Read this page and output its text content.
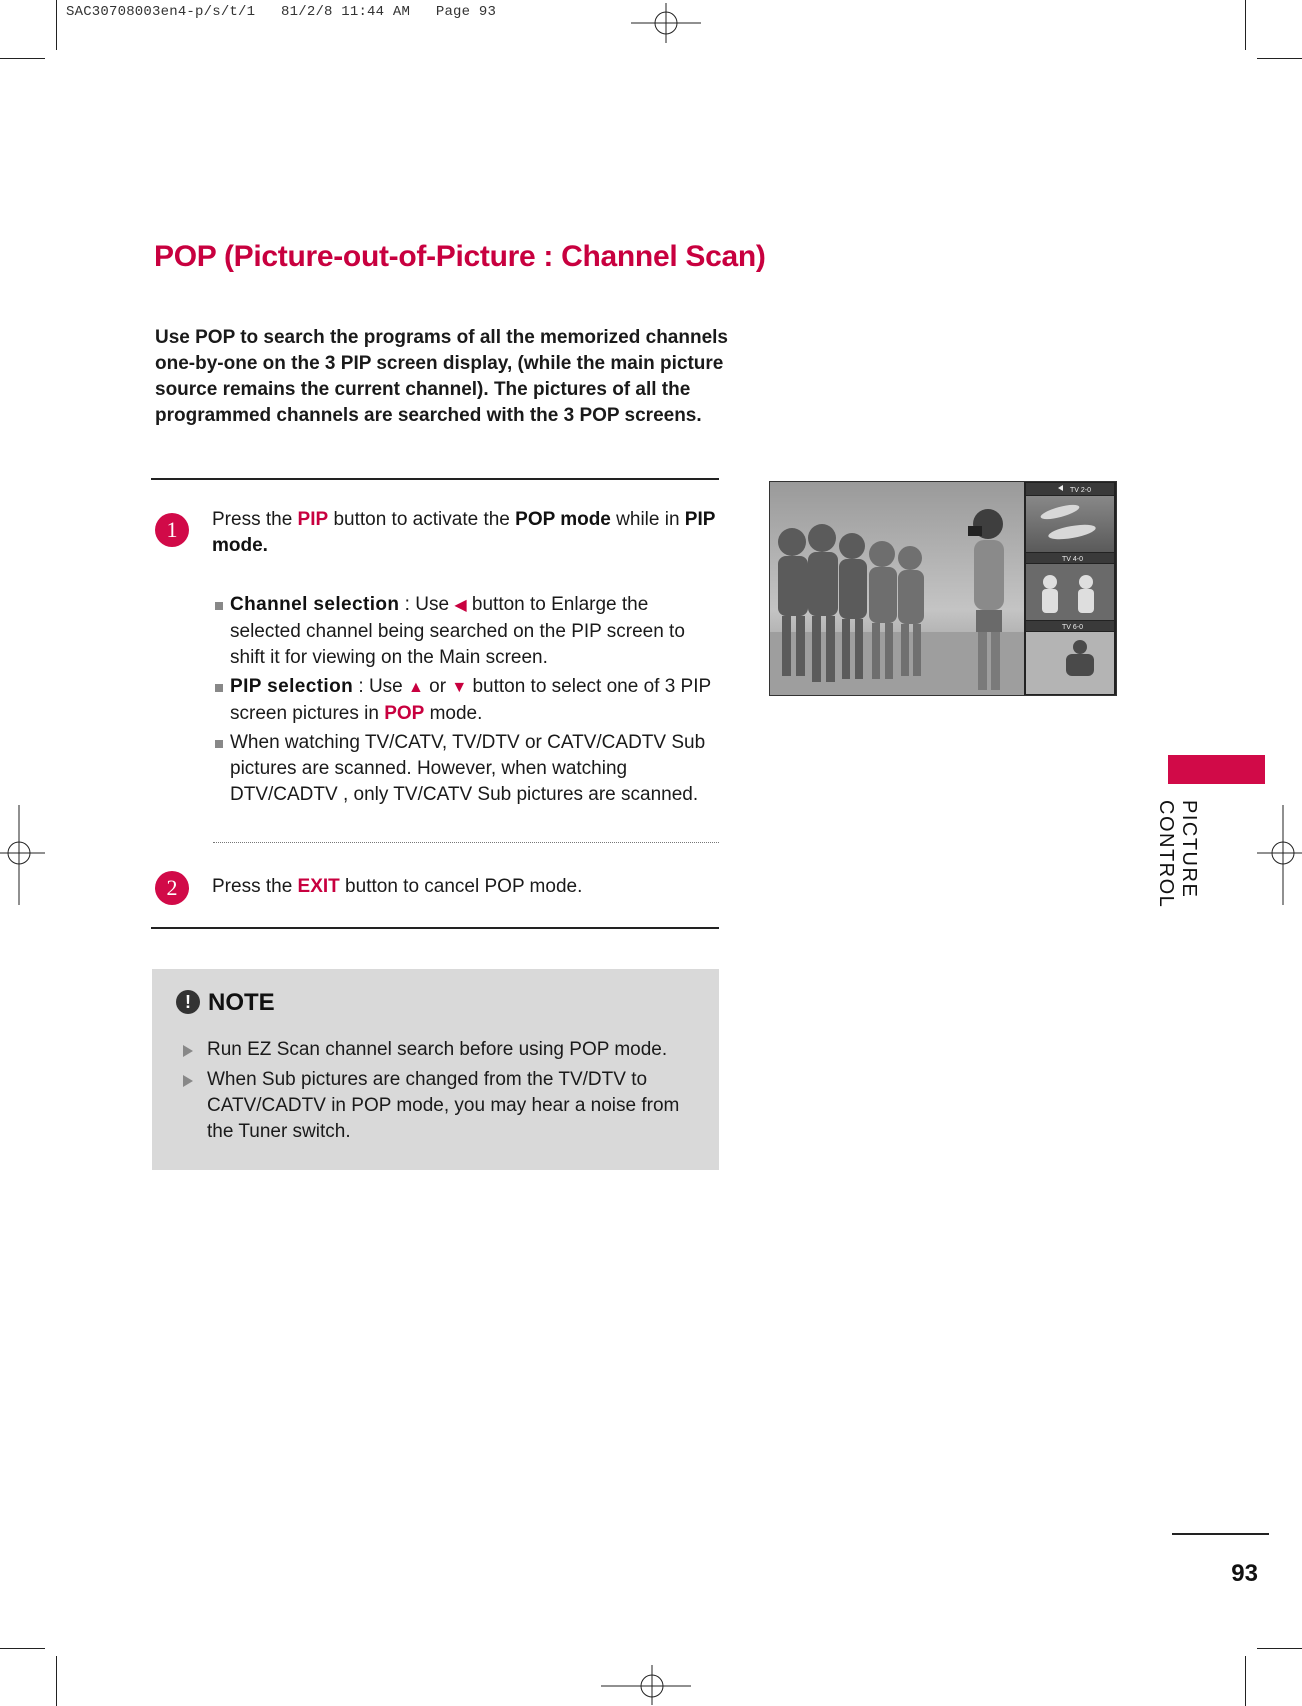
SAC30708003en4-p/s/t/1   81/2/8 11:44 AM   Page 93
POP (Picture-out-of-Picture : Channel Scan)
Use POP to search the programs of all the memorized channels one-by-one on the 3 PIP screen display, (while the main picture source remains the current channel). The pictures of all the programmed channels are searched with the 3 POP screens.
1	Press the PIP button to activate the POP mode while in PIP mode.
Channel selection : Use ◀ button to Enlarge the selected channel being searched on the PIP screen to shift it for viewing on the Main screen.
PIP selection : Use ▲ or ▼ button to select one of 3 PIP screen pictures in POP mode.
When watching TV/CATV, TV/DTV or CATV/CADTV Sub pictures are scanned. However, when watching DTV/CADTV , only TV/CATV Sub pictures are scanned.
2	Press the EXIT button to cancel POP mode.
! NOTE
Run EZ Scan channel search before using POP mode.
When Sub pictures are changed from the TV/DTV to CATV/CADTV in POP mode, you may hear a noise from the Tuner switch.
TV 2-0
TV 4-0
TV 6-0
PICTURE CONTROL
93
